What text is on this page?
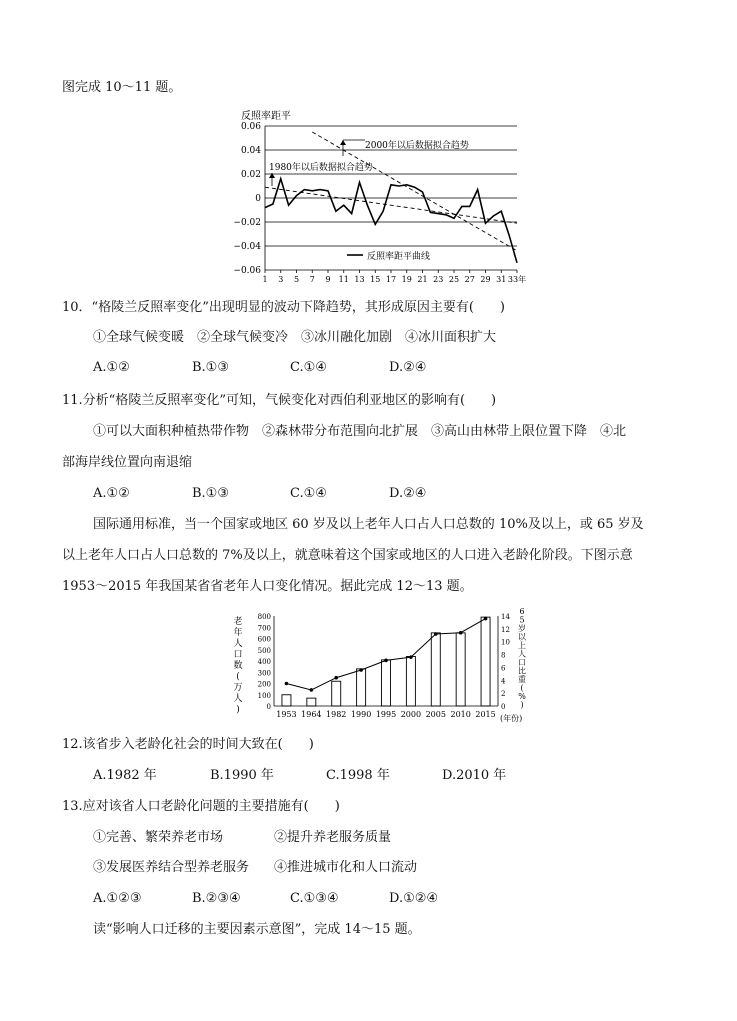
图完成 10～11 题。
反照率距平
0.06
0.04
0.02
0
−0.02
−0.04
−0.06
1 3 5 7 9 11 13 15 17 19 21 23 25 27 29 31 33年
2000年以后数据拟合趋势
1980年以后数据拟合趋势
反照率距平曲线
10．“格陵兰反照率变化”出现明显的波动下降趋势，其形成原因主要有(　　)
①全球气候变暖　②全球气候变冷　③冰川融化加剧　④冰川面积扩大
A.①②	B.①③	C.①④	D.②④
11.分析“格陵兰反照率变化”可知，气候变化对西伯利亚地区的影响有(　　)
①可以大面积种植热带作物　②森林带分布范围向北扩展　③高山由林带上限位置下降　④北
部海岸线位置向南退缩
A.①②	B.①③	C.①④	D.②④
国际通用标准，当一个国家或地区 60 岁及以上老年人口占人口总数的 10%及以上，或 65 岁及
以上老年人口占人口总数的 7%及以上，就意味着这个国家或地区的人口进入老龄化阶段。下图示意
1953～2015 年我国某省省老年人口变化情况。据此完成 12～13 题。
老
年
人
口
数
(
万
人
)
6
5
岁
以
上
人
口
比
重
(
%
)
800
700
600
500
400
300
200
100
0
14
12
10
8
6
4
2
0
1953 1964 1982 1990 1995 2000 2005 2010 2015 (年份)
12.该省步入老龄化社会的时间大致在(　　)
A.1982 年	B.1990 年	C.1998 年	D.2010 年
13.应对该省人口老龄化问题的主要措施有(　　)
①完善、繁荣养老市场	②提升养老服务质量
③发展医养结合型养老服务 ④推进城市化和人口流动
A.①②③	B.②③④	C.①③④	D.①②④
读“影响人口迁移的主要因素示意图”，完成 14～15 题。
